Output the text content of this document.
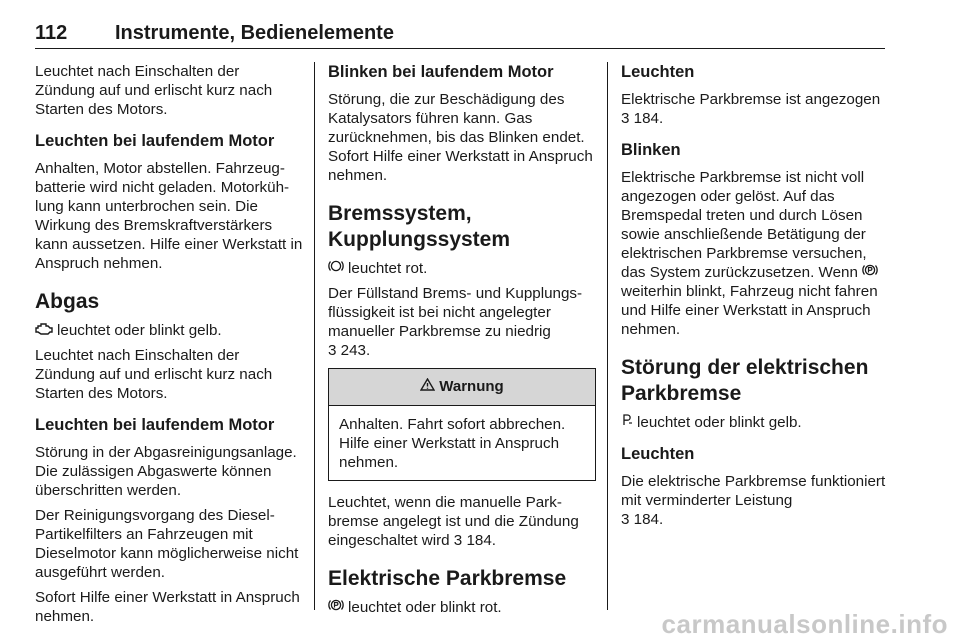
112 Instrumente, Bedienelemente

Leuchtet nach Einschalten der Zündung auf und erlischt kurz nach Starten des Motors.

Leuchten bei laufendem Motor

Anhalten, Motor abstellen. Fahrzeugbatterie wird nicht geladen. Motorkühlung kann unterbrochen sein. Die Wirkung des Bremskraftverstärkers kann aussetzen. Hilfe einer Werkstatt in Anspruch nehmen.

Abgas

leuchtet oder blinkt gelb.

Leuchtet nach Einschalten der Zündung auf und erlischt kurz nach Starten des Motors.

Leuchten bei laufendem Motor

Störung in der Abgasreinigungsanlage. Die zulässigen Abgaswerte können überschritten werden.

Der Reinigungsvorgang des DieselPartikelfilters an Fahrzeugen mit Dieselmotor kann möglicherweise nicht ausgeführt werden.

Sofort Hilfe einer Werkstatt in Anspruch nehmen.

Blinken bei laufendem Motor

Störung, die zur Beschädigung des Katalysators führen kann. Gas zurücknehmen, bis das Blinken endet. Sofort Hilfe einer Werkstatt in Anspruch nehmen.

Bremssystem, Kupplungssystem

leuchtet rot.

Der Füllstand Brems- und Kupplungsflüssigkeit ist bei nicht angelegter manueller Parkbremse zu niedrig
3 243.

Warnung
Anhalten. Fahrt sofort abbrechen. Hilfe einer Werkstatt in Anspruch nehmen.

Leuchtet, wenn die manuelle Parkbremse angelegt ist und die Zündung eingeschaltet wird 3 184.

Elektrische Parkbremse

leuchtet oder blinkt rot.

Leuchten

Elektrische Parkbremse ist angezogen 3 184.

Blinken

Elektrische Parkbremse ist nicht voll angezogen oder gelöst. Auf das Bremspedal treten und durch Lösen sowie anschließende Betätigung der elektrischen Parkbremse versuchen, das System zurückzusetzen. Wenn weiterhin blinkt, Fahrzeug nicht fahren und Hilfe einer Werkstatt in Anspruch nehmen.

Störung der elektrischen Parkbremse

leuchtet oder blinkt gelb.

Leuchten

Die elektrische Parkbremse funktioniert mit verminderter Leistung
3 184.

carmanualsonline.info
